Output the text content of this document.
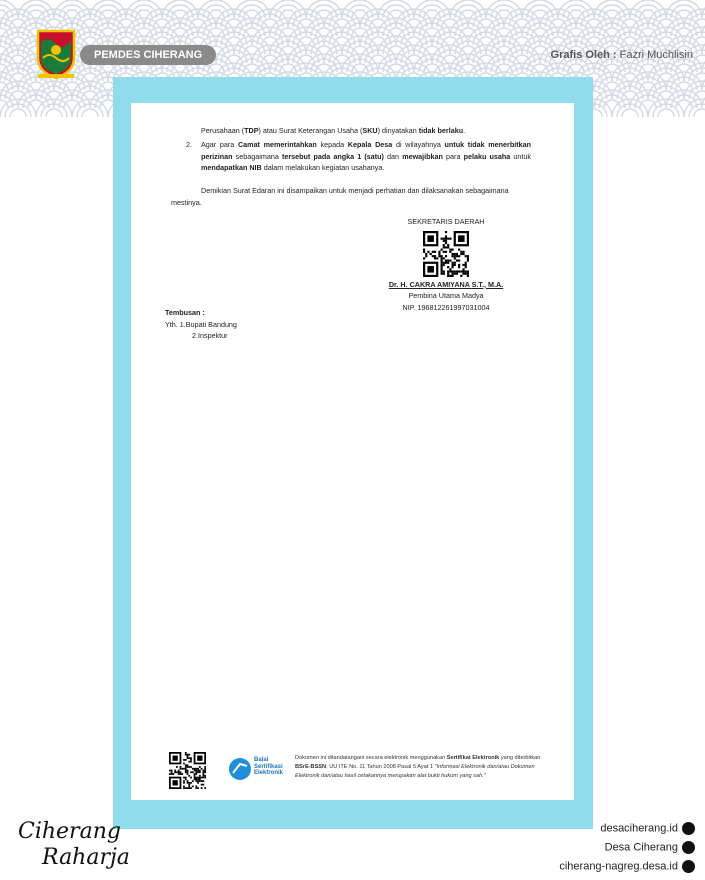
PEMDES CIHERANG	Grafis Oleh : Fazri Muchlisin
Perusahaan (TDP) atau Surat Keterangan Usaha (SKU) dinyatakan tidak berlaku.
2. Agar para Camat memerintahkan kepada Kepala Desa di wilayahnya untuk tidak menerbitkan perizinan sebagaimana tersebut pada angka 1 (satu) dan mewajibkan para pelaku usaha untuk mendapatkan NIB dalam melakukan kegiatan usahanya.
Demikian Surat Edaran ini disampaikan untuk menjadi perhatian dan dilaksanakan sebagaimana mestinya.
SEKRETARIS DAERAH
Dr. H. CAKRA AMIYANA S.T., M.A.
Pembina Utama Madya
NIP. 196812261997031004
Tembusan :
Yth. 1.Bupati Bandung
2.Inspektur
Balai Sertifikasi Elektronik
Dokumen ini ditandatangani secara elektronik menggunakan Sertifikat Elektronik yang diterbitkan BSrE-BSSN, UU ITE No. 11 Tahun 2008 Pasal 5 Ayat 1 "Informasi Elektronik dan/atau Dokumen Elektronik dan/atau hasil cetakannya merupakan alat bukti hukum yang sah."
Ciherang
Raharja
desaciherang.id
Desa Ciherang
ciherang-nagreg.desa.id
